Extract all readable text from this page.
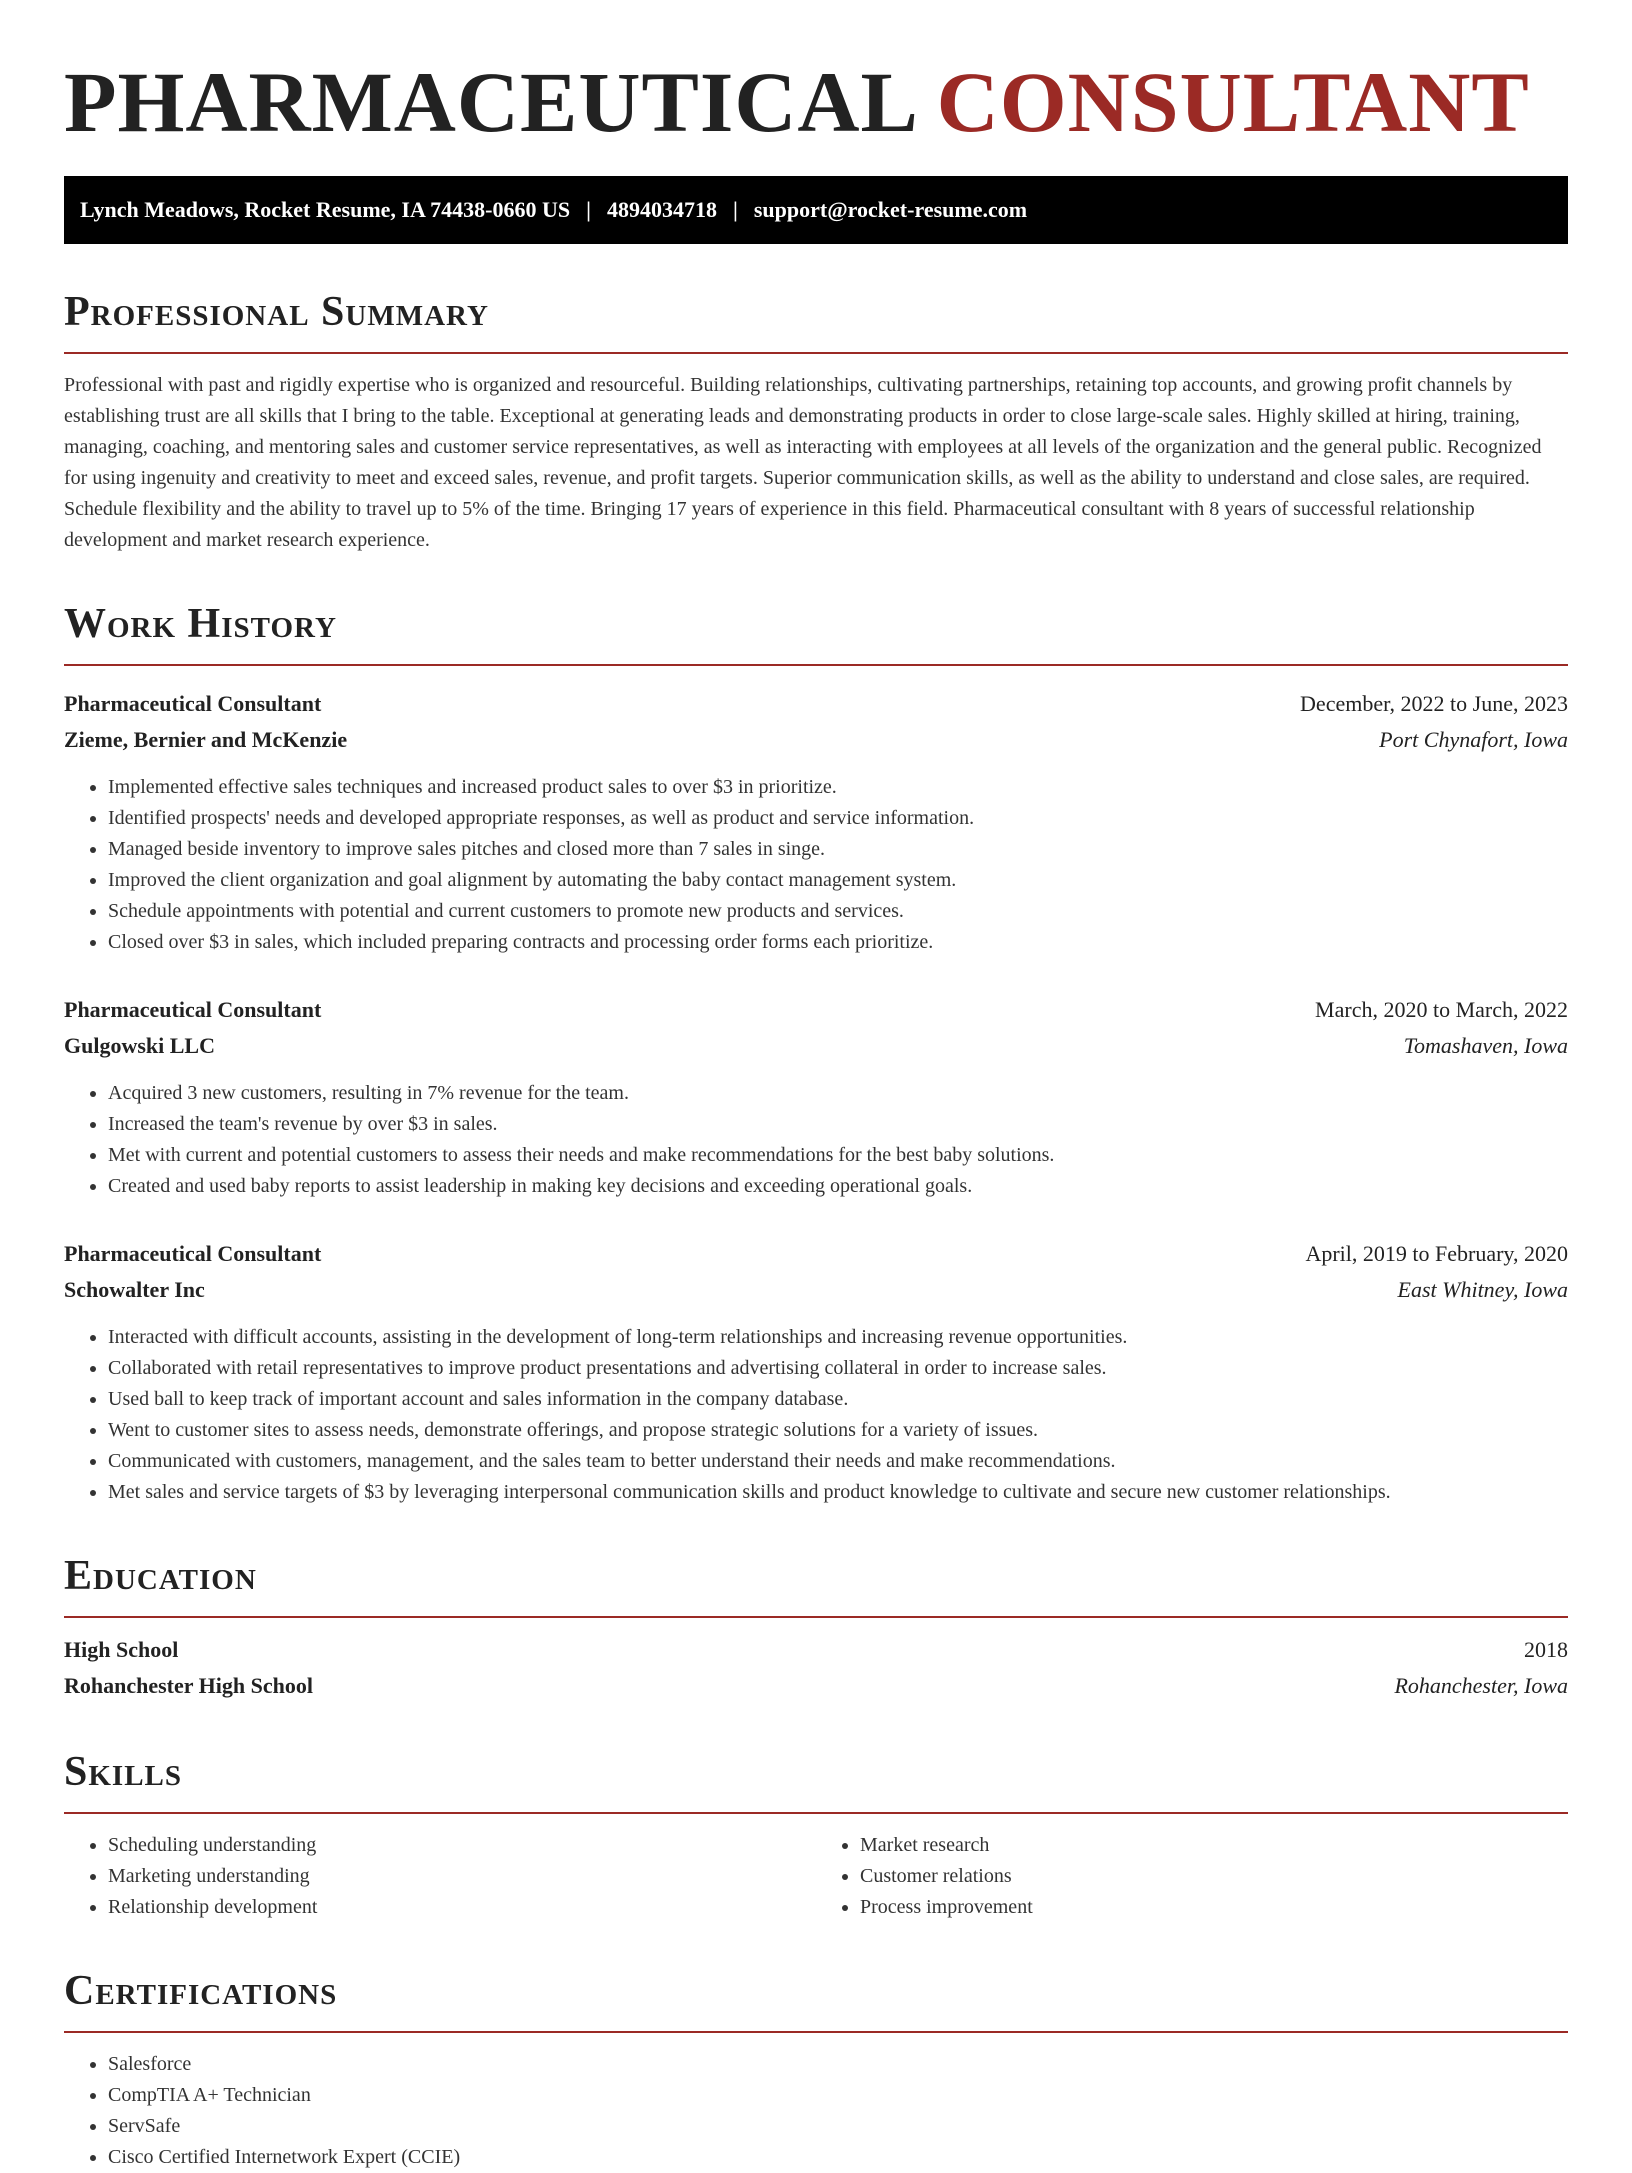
PHARMACEUTICAL CONSULTANT
Lynch Meadows, Rocket Resume, IA 74438-0660 US | 4894034718 | support@rocket-resume.com
Professional Summary

Professional with past and rigidly expertise who is organized and resourceful. Building relationships, cultivating partnerships, retaining top accounts, and growing profit channels by establishing trust are all skills that I bring to the table. Exceptional at generating leads and demonstrating products in order to close large-scale sales. Highly skilled at hiring, training, managing, coaching, and mentoring sales and customer service representatives, as well as interacting with employees at all levels of the organization and the general public. Recognized for using ingenuity and creativity to meet and exceed sales, revenue, and profit targets. Superior communication skills, as well as the ability to understand and close sales, are required. Schedule flexibility and the ability to travel up to 5% of the time. Bringing 17 years of experience in this field. Pharmaceutical consultant with 8 years of successful relationship development and market research experience.

Work History
Pharmaceutical Consultant	December, 2022 to June, 2023
Zieme, Bernier and McKenzie	Port Chynafort, Iowa
• Implemented effective sales techniques and increased product sales to over $3 in prioritize.
• Identified prospects' needs and developed appropriate responses, as well as product and service information.
• Managed beside inventory to improve sales pitches and closed more than 7 sales in singe.
• Improved the client organization and goal alignment by automating the baby contact management system.
• Schedule appointments with potential and current customers to promote new products and services.
• Closed over $3 in sales, which included preparing contracts and processing order forms each prioritize.
Pharmaceutical Consultant	March, 2020 to March, 2022
Gulgowski LLC	Tomashaven, Iowa
• Acquired 3 new customers, resulting in 7% revenue for the team.
• Increased the team's revenue by over $3 in sales.
• Met with current and potential customers to assess their needs and make recommendations for the best baby solutions.
• Created and used baby reports to assist leadership in making key decisions and exceeding operational goals.
Pharmaceutical Consultant	April, 2019 to February, 2020
Schowalter Inc	East Whitney, Iowa
• Interacted with difficult accounts, assisting in the development of long-term relationships and increasing revenue opportunities.
• Collaborated with retail representatives to improve product presentations and advertising collateral in order to increase sales.
• Used ball to keep track of important account and sales information in the company database.
• Went to customer sites to assess needs, demonstrate offerings, and propose strategic solutions for a variety of issues.
• Communicated with customers, management, and the sales team to better understand their needs and make recommendations.
• Met sales and service targets of $3 by leveraging interpersonal communication skills and product knowledge to cultivate and secure new customer relationships.
Education
High School	2018
Rohanchester High School	Rohanchester, Iowa
Skills
• Scheduling understanding
• Marketing understanding
• Relationship development
• Market research
• Customer relations
• Process improvement
Certifications
• Salesforce
• CompTIA A+ Technician
• ServSafe
• Cisco Certified Internetwork Expert (CCIE)
